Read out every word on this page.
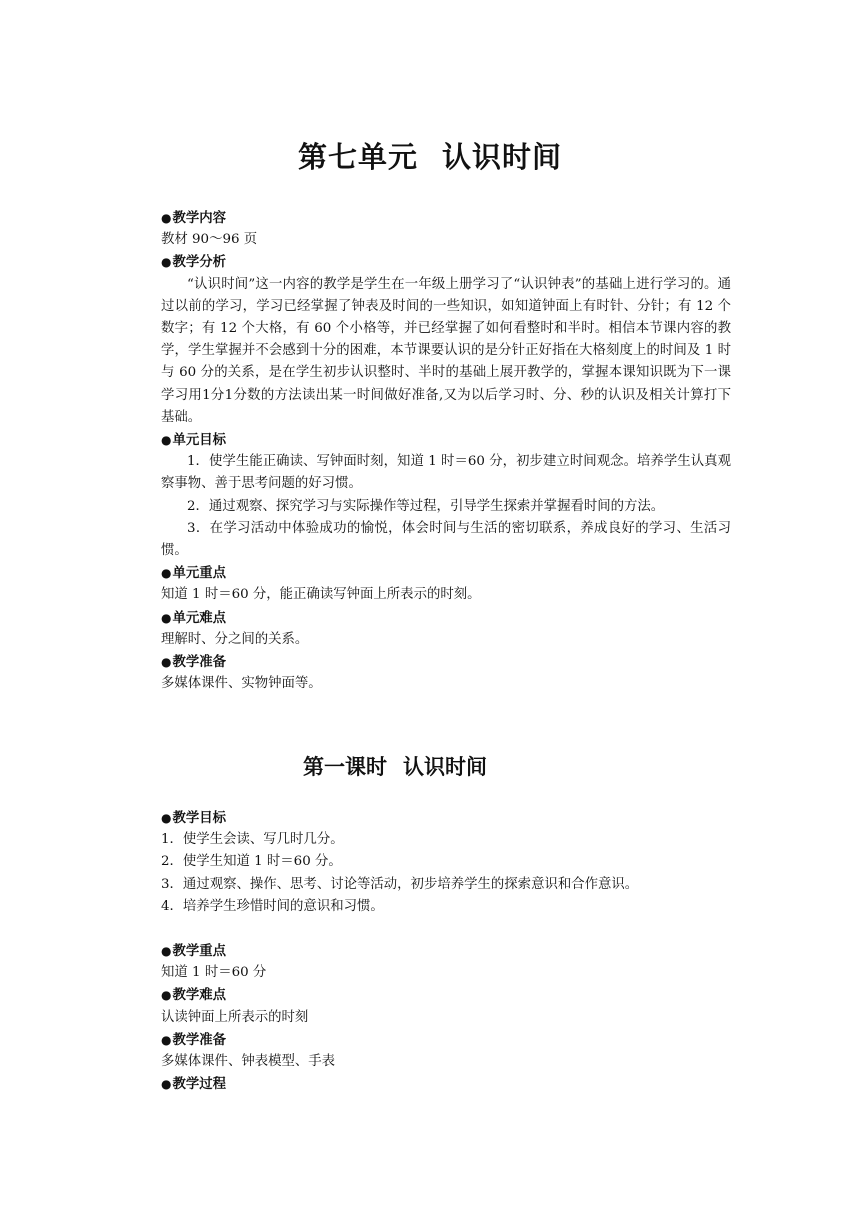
第七单元 认识时间
●教学内容
教材 90～96 页
●教学分析

“认识时间”这一内容的教学是学生在一年级上册学习了“认识钟表”的基础上进行学习的。通过以前的学习，学习已经掌握了钟表及时间的一些知识，如知道钟面上有时针、分针；有 12 个数字；有 12 个大格，有 60 个小格等，并已经掌握了如何看整时和半时。相信本节课内容的教学，学生掌握并不会感到十分的困难，本节课要认识的是分针正好指在大格刻度上的时间及 1 时与 60 分的关系，是在学生初步认识整时、半时的基础上展开教学的，掌握本课知识既为下一课学习用1分1分数的方法读出某一时间做好准备,又为以后学习时、分、秒的认识及相关计算打下基础。

●单元目标

1．使学生能正确读、写钟面时刻，知道 1 时＝60 分，初步建立时间观念。培养学生认真观察事物、善于思考问题的好习惯。

2．通过观察、探究学习与实际操作等过程，引导学生探索并掌握看时间的方法。

3．在学习活动中体验成功的愉悦，体会时间与生活的密切联系，养成良好的学习、生活习惯。

●单元重点
知道 1 时＝60 分，能正确读写钟面上所表示的时刻。
●单元难点
理解时、分之间的关系。
●教学准备
多媒体课件、实物钟面等。
第一课时 认识时间
●教学目标
1．使学生会读、写几时几分。
2．使学生知道 1 时＝60 分。
3．通过观察、操作、思考、讨论等活动，初步培养学生的探索意识和合作意识。
4．培养学生珍惜时间的意识和习惯。
●教学重点
知道 1 时＝60 分
●教学难点
认读钟面上所表示的时刻
●教学准备
多媒体课件、钟表模型、手表
●教学过程
